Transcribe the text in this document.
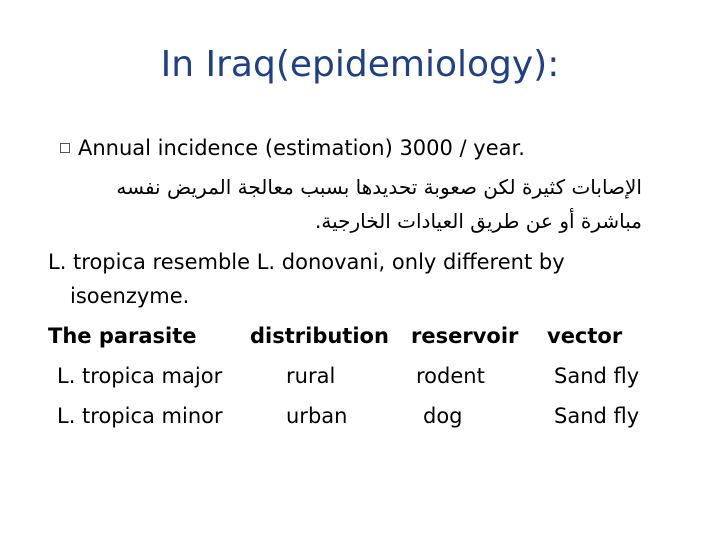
In Iraq(epidemiology):
Annual incidence (estimation) 3000 / year.
الإصابات كثيرة لكن صعوبة تحديدها بسبب معالجة المريض نفسه
مباشرة أو عن طريق العيادات الخارجية.
L. tropica resemble L. donovani, only different by
isoenzyme.
The parasite	distribution reservoir vector
L. tropica major	rural	rodent	Sand fly
L. tropica minor	urban	dog	Sand fly
